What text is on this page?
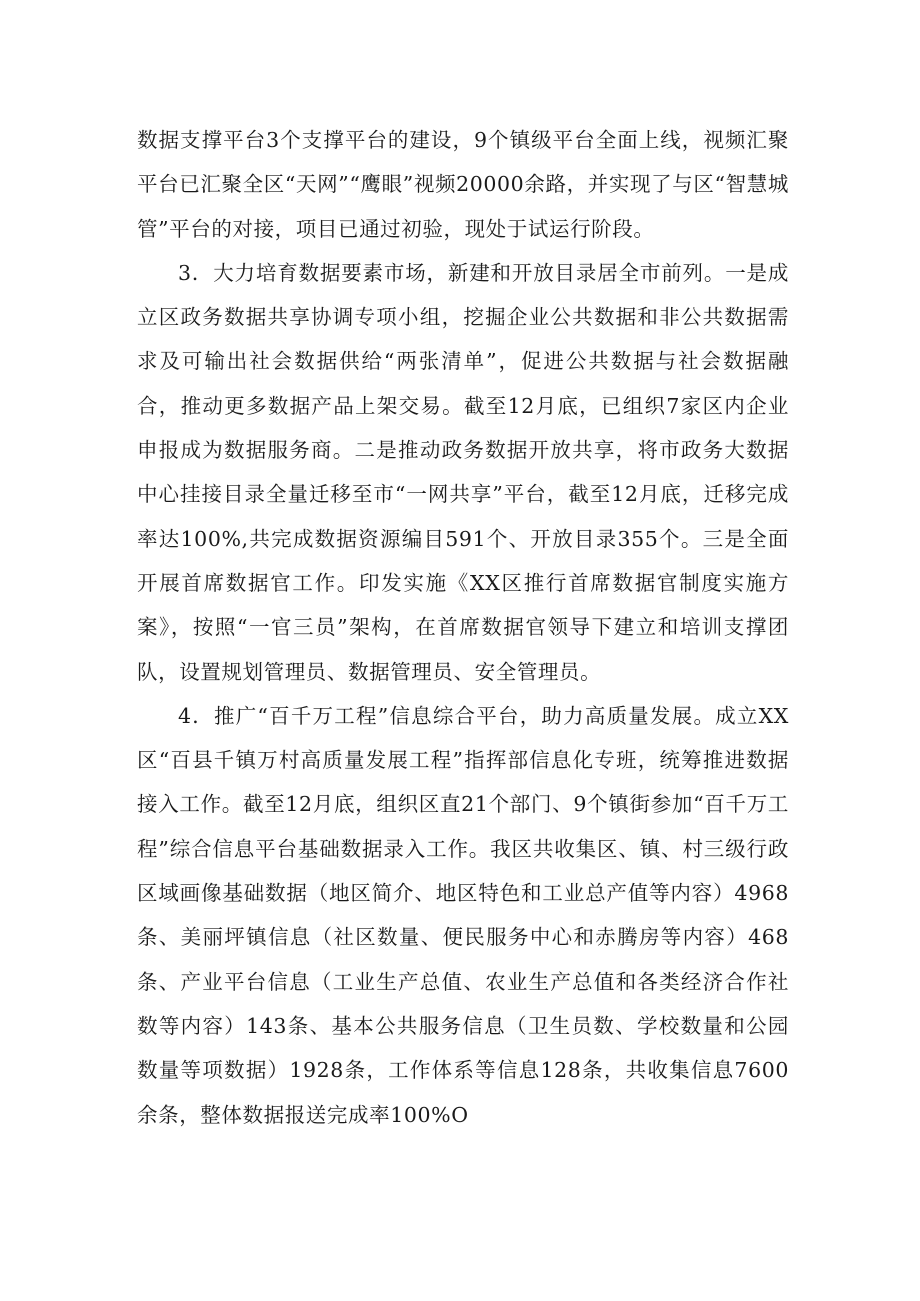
数据支撑平台3个支撑平台的建设，9个镇级平台全面上线，视频汇聚平台已汇聚全区“天网”“鹰眼”视频20000余路，并实现了与区“智慧城管”平台的对接，项目已通过初验，现处于试运行阶段。

3．大力培育数据要素市场，新建和开放目录居全市前列。一是成立区政务数据共享协调专项小组，挖掘企业公共数据和非公共数据需求及可输出社会数据供给“两张清单”，促进公共数据与社会数据融合，推动更多数据产品上架交易。截至12月底，已组织7家区内企业申报成为数据服务商。二是推动政务数据开放共享，将市政务大数据中心挂接目录全量迁移至市“一网共享”平台，截至12月底，迁移完成率达100%,共完成数据资源编目591个、开放目录355个。三是全面开展首席数据官工作。印发实施《XX区推行首席数据官制度实施方案》，按照“一官三员”架构，在首席数据官领导下建立和培训支撑团队，设置规划管理员、数据管理员、安全管理员。

4．推广“百千万工程”信息综合平台，助力高质量发展。成立XX区“百县千镇万村高质量发展工程”指挥部信息化专班，统筹推进数据接入工作。截至12月底，组织区直21个部门、9个镇街参加“百千万工程”综合信息平台基础数据录入工作。我区共收集区、镇、村三级行政区域画像基础数据（地区简介、地区特色和工业总产值等内容）4968条、美丽坪镇信息（社区数量、便民服务中心和赤腾房等内容）468条、产业平台信息（工业生产总值、农业生产总值和各类经济合作社数等内容）143条、基本公共服务信息（卫生员数、学校数量和公园数量等项数据）1928条，工作体系等信息128条，共收集信息7600余条，整体数据报送完成率100%O
